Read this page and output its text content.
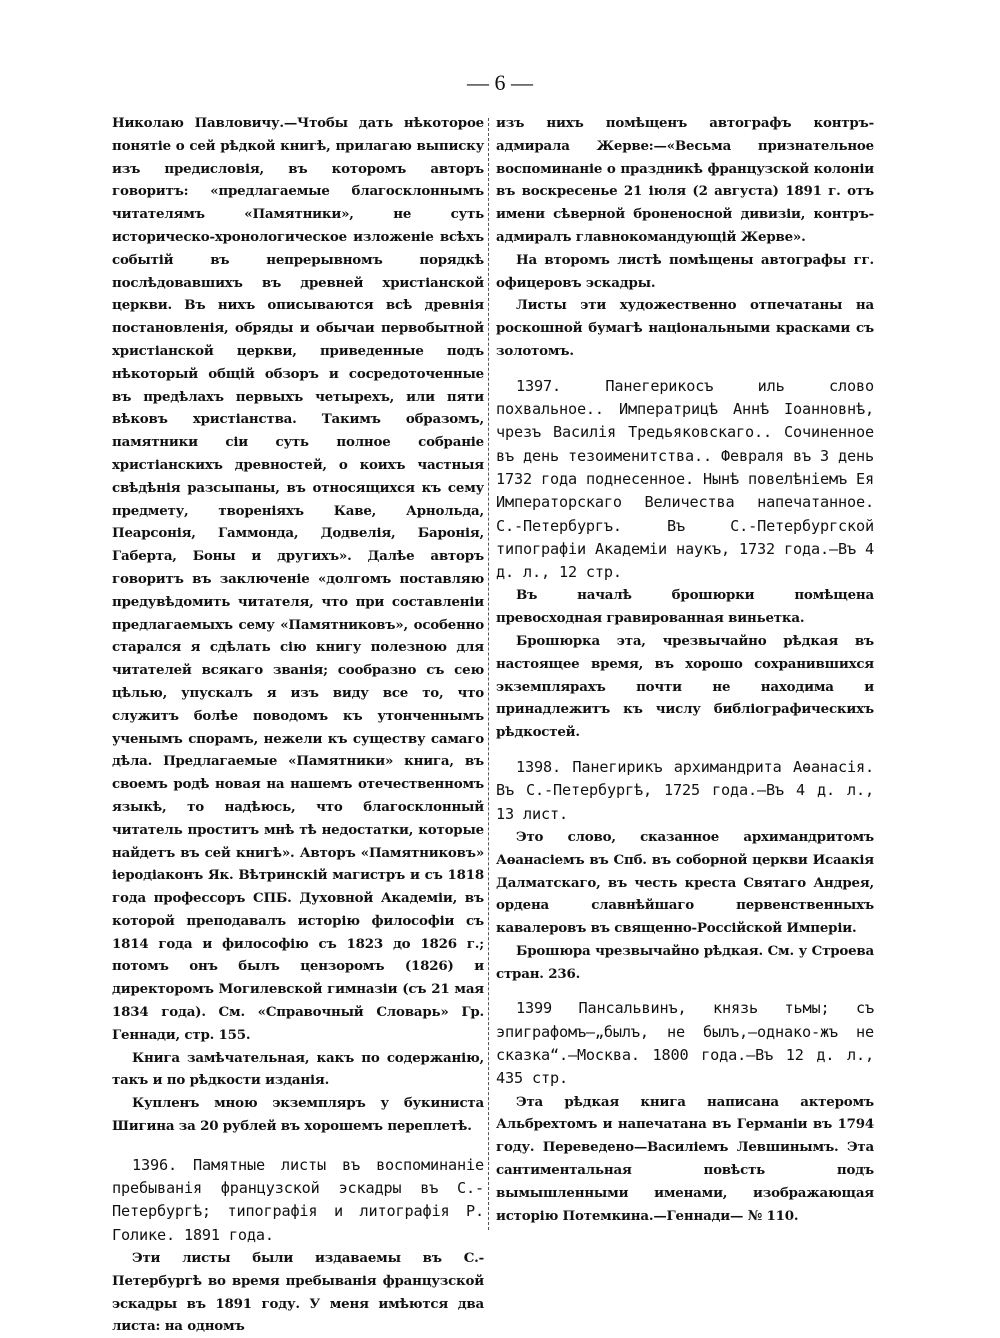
— 6 —

Николаю Павловичу.—Чтобы дать нѣкоторое понятіе о сей рѣдкой книгѣ, прилагаю выписку изъ предисловія, въ которомъ авторъ говоритъ: «предлагаемые благосклоннымъ читателямъ «Памятники», не суть историческо-хронологическое изложеніе всѣхъ событій въ непрерывномъ порядкѣ послѣдовавшихъ въ древней христіанской церкви. Въ нихъ описываются всѣ древнія постановленія, обряды и обычаи первобытной христіанской церкви, приведенные подъ нѣкоторый общій обзоръ и сосредоточенные въ предѣлахъ первыхъ четырехъ, или пяти вѣковъ христіанства. Такимъ образомъ, памятники сіи суть полное собраніе христіанскихъ древностей, о коихъ частныя свѣдѣнія разсыпаны, въ относящихся къ сему предмету, твореніяхъ Каве, Арнольда, Пеарсонія, Гаммонда, Додвелія, Баронія, Габерта, Боны и другихъ». Далѣе авторъ говоритъ въ заключеніе «долгомъ поставляю предувѣдомить читателя, что при составленіи предлагаемыхъ сему «Памятниковъ», особенно старался я сдѣлать сію книгу полезною для читателей всякаго званія; сообразно съ сею цѣлью, упускалъ я изъ виду все то, что служитъ болѣе поводомъ къ утонченнымъ ученымъ спорамъ, нежели къ существу самаго дѣла. Предлагаемые «Памятники» книга, въ своемъ родѣ новая на нашемъ отечественномъ языкѣ, то надѣюсь, что благосклонный читатель проститъ мнѣ тѣ недостатки, которые найдетъ въ сей книгѣ». Авторъ «Памятниковъ» іеродіаконъ Як. Вѣтринскій магистръ и съ 1818 года профессоръ СПБ. Духовной Академіи, въ которой преподавалъ исторію философіи съ 1814 года и философію съ 1823 до 1826 г.; потомъ онъ былъ цензоромъ (1826) и директоромъ Могилевской гимназіи (съ 21 мая 1834 года). См. «Справочный Словарь» Гр. Геннади, стр. 155.

Книга замѣчательная, какъ по содержанію, такъ и по рѣдкости изданія.

Купленъ мною экземпляръ у букиниста Шигина за 20 рублей въ хорошемъ переплетѣ.

1396. Памятные листы въ воспоминаніе пребыванія французской эскадры въ С.-Петербургѣ; типографія и литографія Р. Голике. 1891 года.

Эти листы были издаваемы въ С.-Петербургѣ во время пребыванія французской эскадры въ 1891 году. У меня имѣются два листа: на одномъ

изъ нихъ помѣщенъ автографъ контръ-адмирала Жерве:—«Весьма признательное воспоминаніе о праздникѣ французской колоніи въ воскресенье 21 іюля (2 августа) 1891 г. отъ имени сѣверной броненосной дивизіи, контръ-адмиралъ главнокомандующій Жерве».

На второмъ листѣ помѣщены автографы гг. офицеровъ эскадры.

Листы эти художественно отпечатаны на роскошной бумагѣ національными красками съ золотомъ.

1397. Панегерикосъ иль слово похвальное.. Императрицѣ Аннѣ Іоанновнѣ, чрезъ Василія Тредьяковскаго.. Сочиненное въ день тезоименитства.. Февраля въ 3 день 1732 года поднесенное. Нынѣ повелѣніемъ Ея Императорскаго Величества напечатанное. С.-Петербургъ. Въ С.-Петербургской типографіи Академіи наукъ, 1732 года.—Въ 4 д. л., 12 стр.

Въ началѣ брошюрки помѣщена превосходная гравированная виньетка.

Брошюрка эта, чрезвычайно рѣдкая въ настоящее время, въ хорошо сохранившихся экземплярахъ почти не находима и принадлежитъ къ числу библіографическихъ рѣдкостей.

1398. Панегирикъ архимандрита Аѳанасія. Въ С.-Петербургѣ, 1725 года.—Въ 4 д. л., 13 лист.

Это слово, сказанное архимандритомъ Аѳанасіемъ въ Спб. въ соборной церкви Исаакія Далматскаго, въ честь креста Святаго Андрея, ордена славнѣйшаго первенственныхъ кавалеровъ въ священно-Россійской Имперіи.

Брошюра чрезвычайно рѣдкая. См. у Строева стран. 236.

1399 Пансальвинъ, князь тьмы; съ эпиграфомъ—„былъ, не былъ,—однако-жъ не сказка“.—Москва. 1800 года.—Въ 12 д. л., 435 стр.

Эта рѣдкая книга написана актеромъ Альбрехтомъ и напечатана въ Германіи въ 1794 году. Переведено—Василіемъ Левшинымъ. Эта сантиментальная повѣсть подъ вымышленными именами, изображающая исторію Потемкина.—Геннади— № 110.
